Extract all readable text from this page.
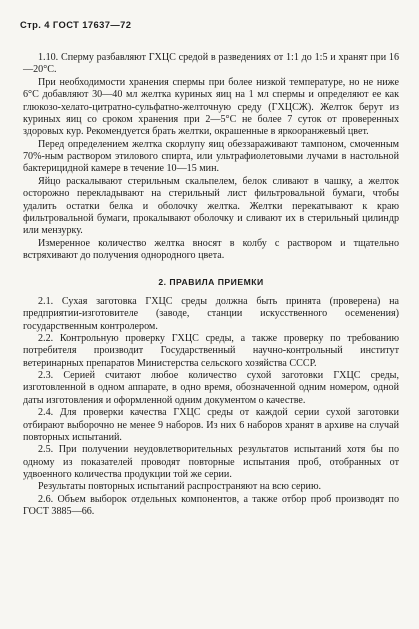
Стр. 4 ГОСТ 17637—72

1.10. Сперму разбавляют ГХЦС средой в разведениях от 1:1 до 1:5 и хранят при 16—20°С.

При необходимости хранения спермы при более низкой температуре, но не ниже 6°С добавляют 30—40 мл желтка куриных яиц на 1 мл спермы и определяют ее как глюкозо-хелато-цитратно-сульфатно-желточную среду (ГХЦСЖ). Желток берут из куриных яиц со сроком хранения при 2—5°С не более 7 суток от проверенных здоровых кур. Рекомендуется брать желтки, окрашенные в яркооранжевый цвет.

Перед определением желтка скорлупу яиц обеззараживают тампоном, смоченным 70%-ным раствором этилового спирта, или ультрафиолетовыми лучами в настольной бактерицидной камере в течение 10—15 мин.

Яйцо раскалывают стерильным скальпелем, белок сливают в чашку, а желток осторожно перекладывают на стерильный лист фильтровальной бумаги, чтобы удалить остатки белка и оболочку желтка. Желтки перекатывают к краю фильтровальной бумаги, прокалывают оболочку и сливают их в стерильный цилиндр или мензурку.

Измеренное количество желтка вносят в колбу с раствором и тщательно встряхивают до получения однородного цвета.

2. ПРАВИЛА ПРИЕМКИ

2.1. Сухая заготовка ГХЦС среды должна быть принята (проверена) на предприятии-изготовителе (заводе, станции искусственного осеменения) государственным контролером.

2.2. Контрольную проверку ГХЦС среды, а также проверку по требованию потребителя производит Государственный научно-контрольный институт ветеринарных препаратов Министерства сельского хозяйства СССР.

2.3. Серией считают любое количество сухой заготовки ГХЦС среды, изготовленной в одном аппарате, в одно время, обозначенной одним номером, одной даты изготовления и оформленной одним документом о качестве.

2.4. Для проверки качества ГХЦС среды от каждой серии сухой заготовки отбирают выборочно не менее 9 наборов. Из них 6 наборов хранят в архиве на случай повторных испытаний.

2.5. При получении неудовлетворительных результатов испытаний хотя бы по одному из показателей проводят повторные испытания проб, отобранных от удвоенного количества продукции той же серии.

Результаты повторных испытаний распространяют на всю серию.

2.6. Объем выборок отдельных компонентов, а также отбор проб производят по ГОСТ 3885—66.
